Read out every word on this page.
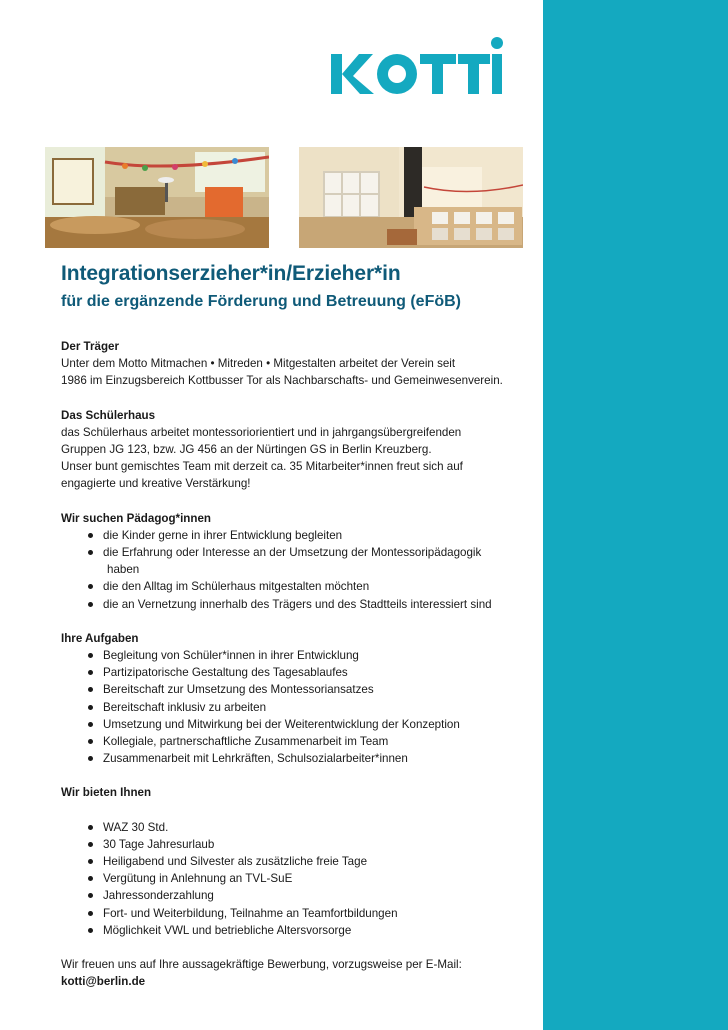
Integrationserzieher*in/Erzieher*in
für die ergänzende Förderung und Betreuung (eFöB)
Der Träger

Unter dem Motto Mitmachen • Mitreden • Mitgestalten arbeitet der Verein seit

1986 im Einzugsbereich Kottbusser Tor als Nachbarschafts- und Gemeinwesenverein.

Das Schülerhaus

das Schülerhaus arbeitet montessoriorientiert und in jahrgangsübergreifenden

Gruppen JG 123, bzw. JG 456 an der Nürtingen GS in Berlin Kreuzberg.

Unser bunt gemischtes Team mit derzeit ca. 35 Mitarbeiter*innen freut sich auf

engagierte und kreative Verstärkung!

Wir suchen Pädagog*innen
die Kinder gerne in ihrer Entwicklung begleiten
die Erfahrung oder Interesse an der Umsetzung der Montessoripädagogik
haben
die den Alltag im Schülerhaus mitgestalten möchten
die an Vernetzung innerhalb des Trägers und des Stadtteils interessiert sind
Ihre Aufgaben
Begleitung von Schüler*innen in ihrer Entwicklung
Partizipatorische Gestaltung des Tagesablaufes
Bereitschaft zur Umsetzung des Montessoriansatzes
Bereitschaft inklusiv zu arbeiten
Umsetzung und Mitwirkung bei der Weiterentwicklung der Konzeption
Kollegiale, partnerschaftliche Zusammenarbeit im Team
Zusammenarbeit mit Lehrkräften, Schulsozialarbeiter*innen
Wir bieten Ihnen
WAZ 30 Std.
30 Tage Jahresurlaub
Heiligabend und Silvester als zusätzliche freie Tage
Vergütung in Anlehnung an TVL-SuE
Jahressonderzahlung
Fort- und Weiterbildung, Teilnahme an Teamfortbildungen
Möglichkeit VWL und betriebliche Altersvorsorge

Wir freuen uns auf Ihre aussagekräftige Bewerbung, vorzugsweise per E-Mail:

kotti@berlin.de
